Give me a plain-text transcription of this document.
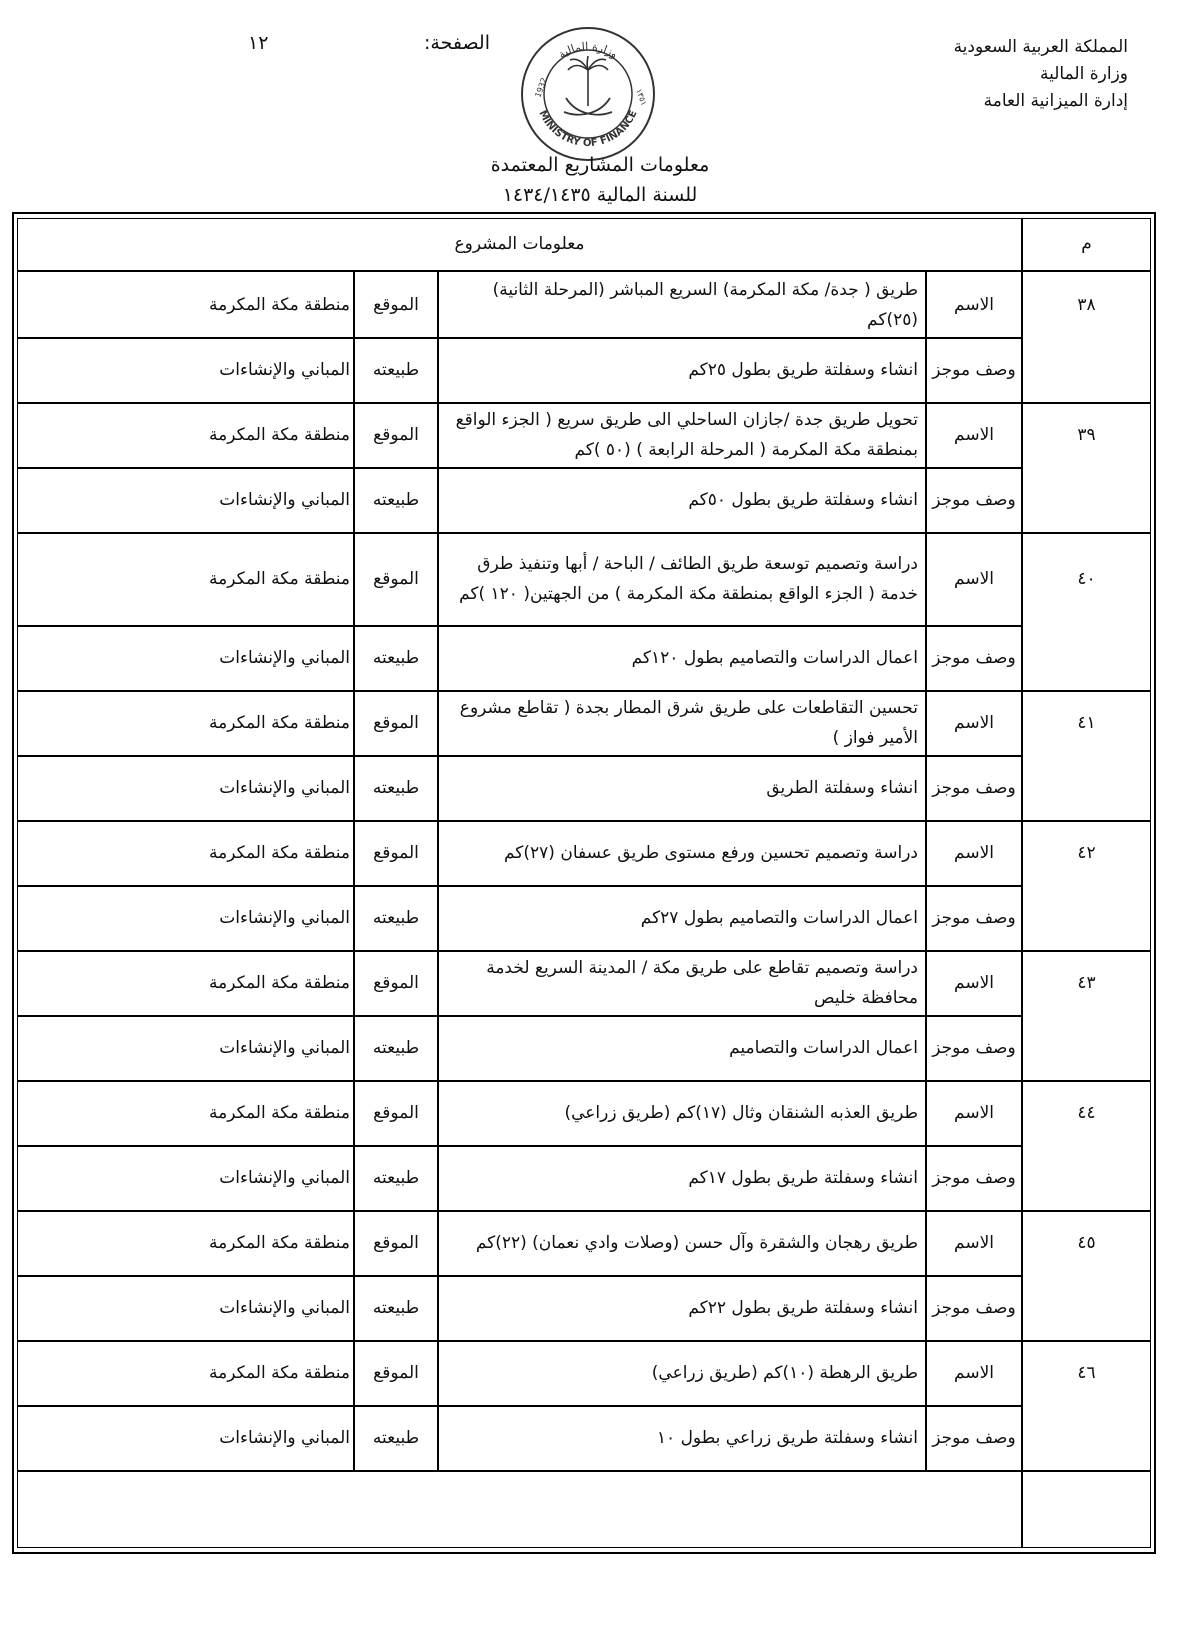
المملكة العربية السعودية
وزارة المالية
إدارة الميزانية العامة
الصفحة:
١٢	وزارة المالية
MINISTRY OF FINANCE
1932	١٣٥١
معلومات المشاريع المعتمدة
للسنة المالية ١٤٣٤/١٤٣٥
م
معلومات المشروع
٣٨
الاسم
طريق ( جدة/ مكة المكرمة) السريع المباشر (المرحلة الثانية) (٢٥)كم
الموقع
منطقة مكة المكرمة
وصف موجز
انشاء وسفلتة طريق بطول ٢٥كم
طبيعته
المباني والإنشاءات
٣٩
الاسم
تحويل طريق جدة /جازان الساحلي الى طريق سريع ( الجزء الواقع بمنطقة مكة المكرمة ( المرحلة الرابعة ) (٥٠ )كم
الموقع
منطقة مكة المكرمة
وصف موجز
انشاء وسفلتة طريق بطول ٥٠كم
طبيعته
المباني والإنشاءات
٤٠
الاسم
دراسة وتصميم توسعة طريق الطائف / الباحة / أبها وتنفيذ طرق خدمة ( الجزء الواقع بمنطقة مكة المكرمة ) من الجهتين( ١٢٠ )كم
الموقع
منطقة مكة المكرمة
وصف موجز
اعمال الدراسات والتصاميم بطول ١٢٠كم
طبيعته
المباني والإنشاءات
٤١
الاسم
تحسين التقاطعات على طريق شرق المطار بجدة ( تقاطع مشروع الأمير فواز )
الموقع
منطقة مكة المكرمة
وصف موجز
انشاء وسفلتة الطريق
طبيعته
المباني والإنشاءات
٤٢
الاسم
دراسة وتصميم تحسين ورفع مستوى طريق عسفان (٢٧)كم
الموقع
منطقة مكة المكرمة
وصف موجز
اعمال الدراسات والتصاميم بطول ٢٧كم
طبيعته
المباني والإنشاءات
٤٣
الاسم
دراسة وتصميم تقاطع على طريق مكة / المدينة السريع لخدمة محافظة خليص
الموقع
منطقة مكة المكرمة
وصف موجز
اعمال الدراسات والتصاميم
طبيعته
المباني والإنشاءات
٤٤
الاسم
طريق العذبه الشنقان وثال (١٧)كم (طريق زراعي)
الموقع
منطقة مكة المكرمة
وصف موجز
انشاء وسفلتة طريق بطول ١٧كم
طبيعته
المباني والإنشاءات
٤٥
الاسم
طريق رهجان والشقرة وآل حسن (وصلات وادي نعمان) (٢٢)كم
الموقع
منطقة مكة المكرمة
وصف موجز
انشاء وسفلتة طريق بطول ٢٢كم
طبيعته
المباني والإنشاءات
٤٦
الاسم
طريق الرهطة (١٠)كم (طريق زراعي)
الموقع
منطقة مكة المكرمة
وصف موجز
انشاء وسفلتة طريق زراعي بطول ١٠
طبيعته
المباني والإنشاءات
